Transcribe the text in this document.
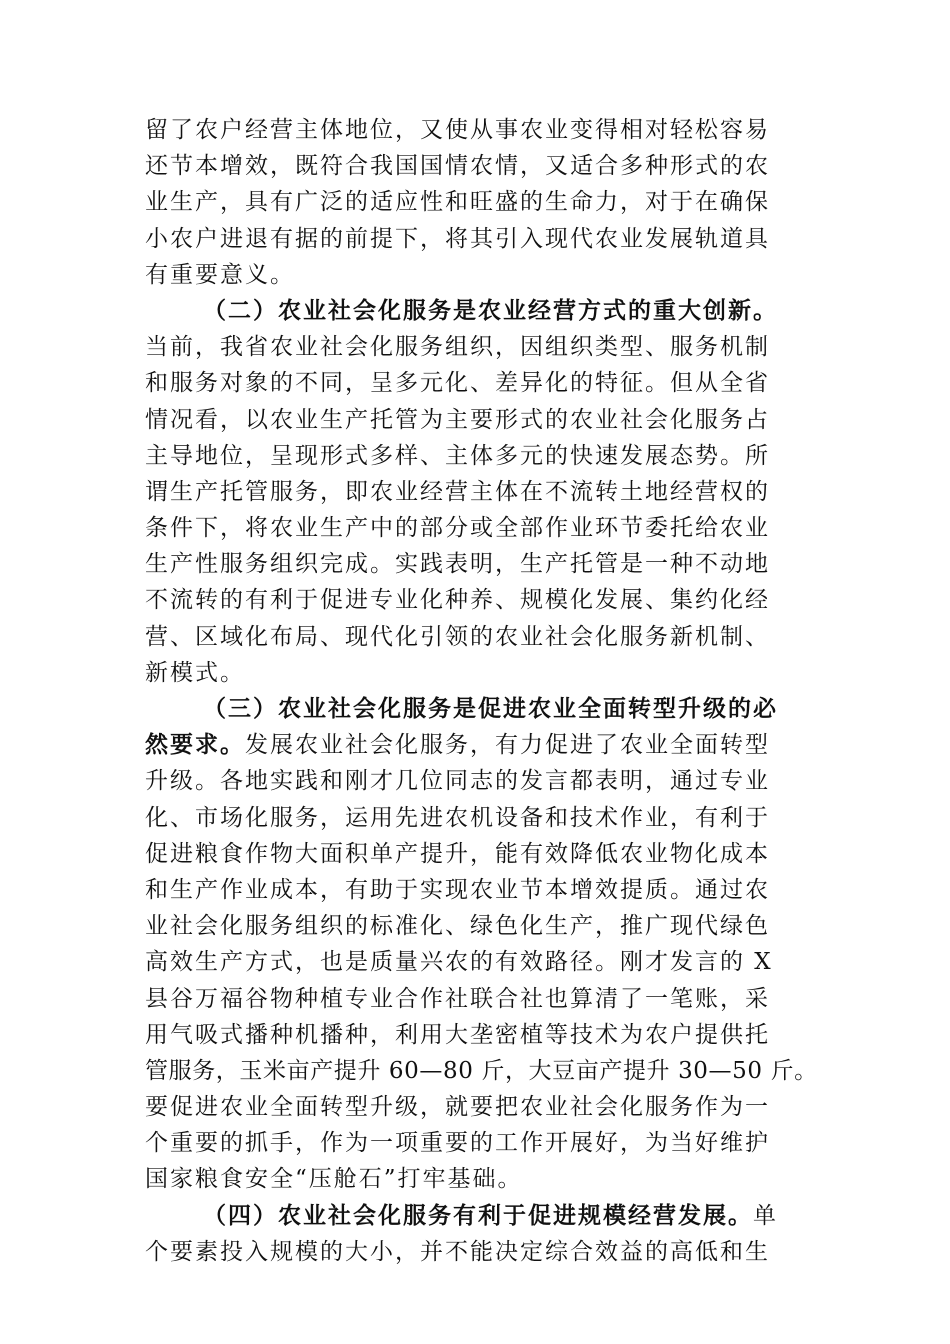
留了农户经营主体地位，又使从事农业变得相对轻松容易
还节本增效，既符合我国国情农情，又适合多种形式的农
业生产，具有广泛的适应性和旺盛的生命力，对于在确保
小农户进退有据的前提下，将其引入现代农业发展轨道具
有重要意义。
（二）农业社会化服务是农业经营方式的重大创新。
当前，我省农业社会化服务组织，因组织类型、服务机制
和服务对象的不同，呈多元化、差异化的特征。但从全省
情况看，以农业生产托管为主要形式的农业社会化服务占
主导地位，呈现形式多样、主体多元的快速发展态势。所
谓生产托管服务，即农业经营主体在不流转土地经营权的
条件下，将农业生产中的部分或全部作业环节委托给农业
生产性服务组织完成。实践表明，生产托管是一种不动地
不流转的有利于促进专业化种养、规模化发展、集约化经
营、区域化布局、现代化引领的农业社会化服务新机制、
新模式。
（三）农业社会化服务是促进农业全面转型升级的必
然要求。发展农业社会化服务，有力促进了农业全面转型
升级。各地实践和刚才几位同志的发言都表明，通过专业
化、市场化服务，运用先进农机设备和技术作业，有利于
促进粮食作物大面积单产提升，能有效降低农业物化成本
和生产作业成本，有助于实现农业节本增效提质。通过农
业社会化服务组织的标准化、绿色化生产，推广现代绿色
高效生产方式，也是质量兴农的有效路径。刚才发言的 X
县谷万福谷物种植专业合作社联合社也算清了一笔账，采
用气吸式播种机播种，利用大垄密植等技术为农户提供托
管服务，玉米亩产提升 60—80 斤，大豆亩产提升 30—50 斤。
要促进农业全面转型升级，就要把农业社会化服务作为一
个重要的抓手，作为一项重要的工作开展好，为当好维护
国家粮食安全“压舱石”打牢基础。
（四）农业社会化服务有利于促进规模经营发展。单
个要素投入规模的大小，并不能决定综合效益的高低和生
